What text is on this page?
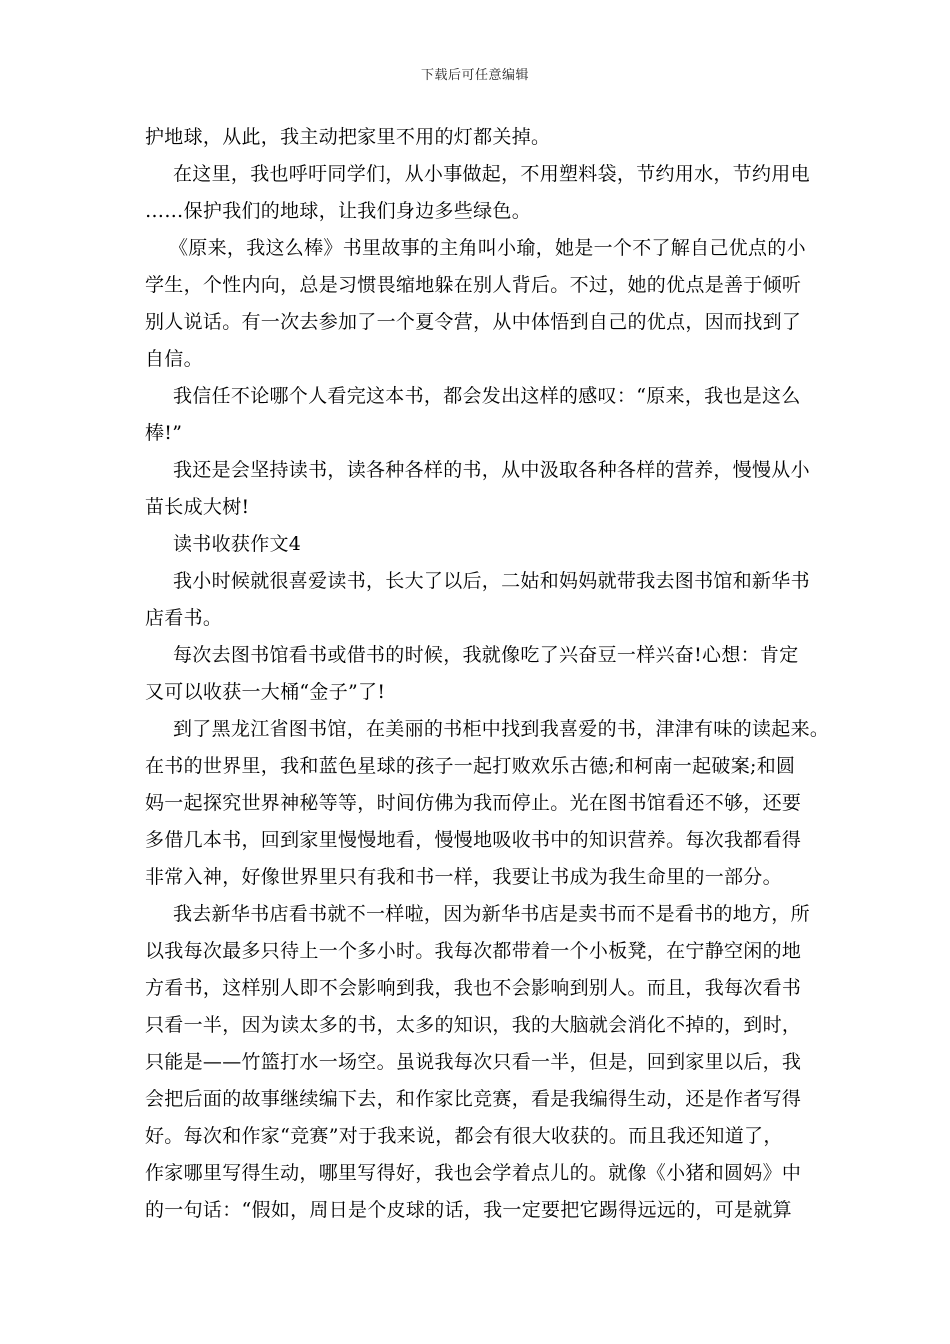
下载后可任意编辑
护地球，从此，我主动把家里不用的灯都关掉。
在这里，我也呼吁同学们，从小事做起，不用塑料袋，节约用水，节约用电
……保护我们的地球，让我们身边多些绿色。
《原来，我这么棒》书里故事的主角叫小瑜，她是一个不了解自己优点的小
学生，个性内向，总是习惯畏缩地躲在别人背后。不过，她的优点是善于倾听
别人说话。有一次去参加了一个夏令营，从中体悟到自己的优点，因而找到了
自信。
我信任不论哪个人看完这本书，都会发出这样的感叹：“原来，我也是这么
棒!”
我还是会坚持读书，读各种各样的书，从中汲取各种各样的营养，慢慢从小
苗长成大树!
读书收获作文4
我小时候就很喜爱读书，长大了以后，二姑和妈妈就带我去图书馆和新华书
店看书。
每次去图书馆看书或借书的时候，我就像吃了兴奋豆一样兴奋!心想：肯定
又可以收获一大桶“金子”了!
到了黑龙江省图书馆，在美丽的书柜中找到我喜爱的书，津津有味的读起来。
在书的世界里，我和蓝色星球的孩子一起打败欢乐古德;和柯南一起破案;和圆
妈一起探究世界神秘等等，时间仿佛为我而停止。光在图书馆看还不够，还要
多借几本书，回到家里慢慢地看，慢慢地吸收书中的知识营养。每次我都看得
非常入神，好像世界里只有我和书一样，我要让书成为我生命里的一部分。
我去新华书店看书就不一样啦，因为新华书店是卖书而不是看书的地方，所
以我每次最多只待上一个多小时。我每次都带着一个小板凳，在宁静空闲的地
方看书，这样别人即不会影响到我，我也不会影响到别人。而且，我每次看书
只看一半，因为读太多的书，太多的知识，我的大脑就会消化不掉的，到时，
只能是——竹篮打水一场空。虽说我每次只看一半，但是，回到家里以后，我
会把后面的故事继续编下去，和作家比竞赛，看是我编得生动，还是作者写得
好。每次和作家“竞赛”对于我来说，都会有很大收获的。而且我还知道了，
作家哪里写得生动，哪里写得好，我也会学着点儿的。就像《小猪和圆妈》中
的一句话：“假如，周日是个皮球的话，我一定要把它踢得远远的，可是就算
